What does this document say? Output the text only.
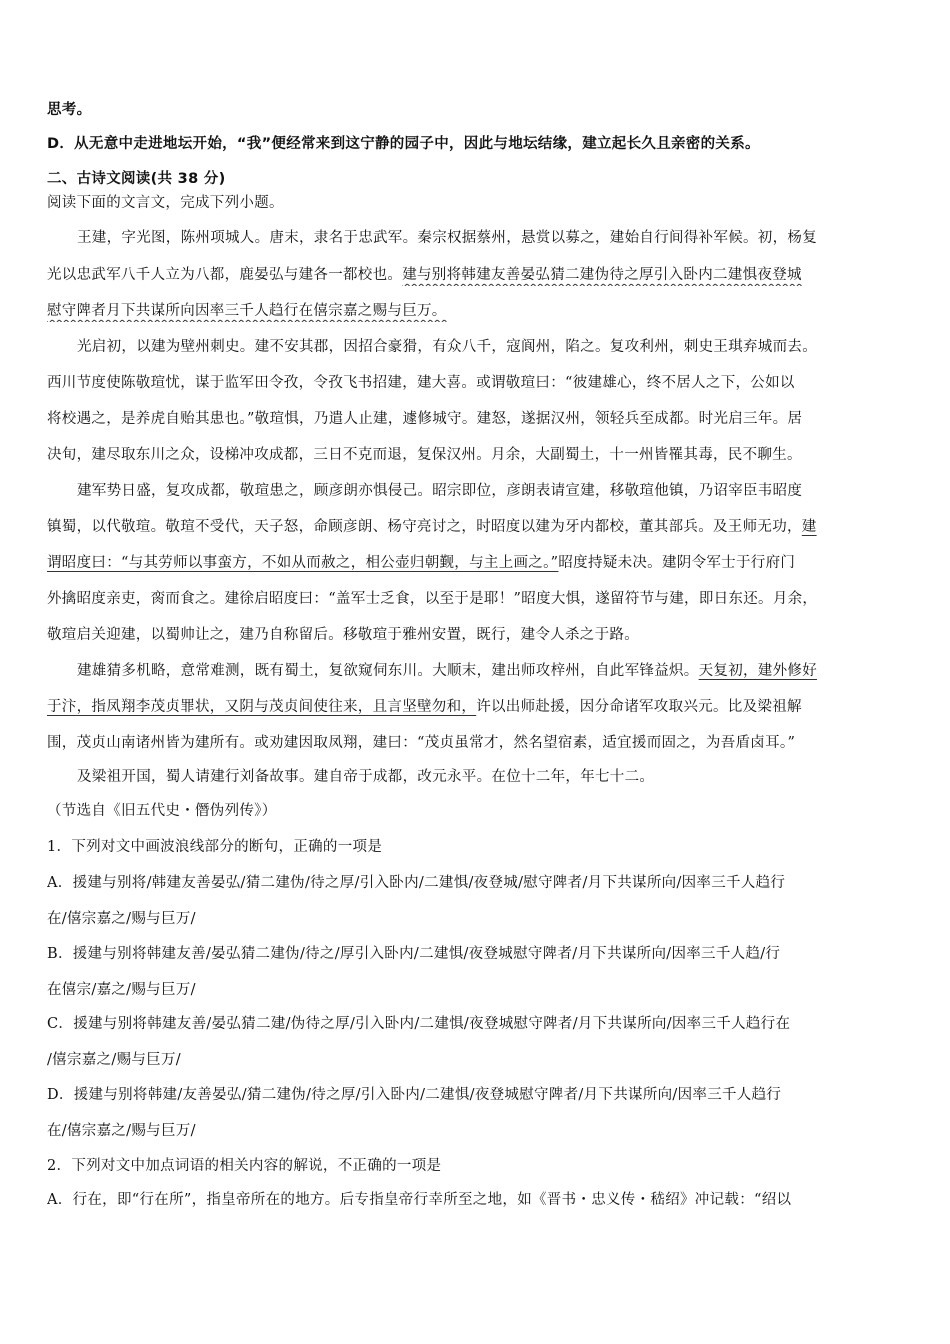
思考。
D．从无意中走进地坛开始，“我”便经常来到这宁静的园子中，因此与地坛结缘，建立起长久且亲密的关系。
二、古诗文阅读(共 38 分)
阅读下面的文言文，完成下列小题。
王建，字光图，陈州项城人。唐末，隶名于忠武军。秦宗权据蔡州，悬赏以募之，建始自行间得补军候。初，杨复
光以忠武军八千人立为八都，鹿晏弘与建各一都校也。建与别将韩建友善晏弘猜二建伪待之厚引入卧内二建惧夜登城
慰守陴者月下共谋所向因率三千人趋行在僖宗嘉之赐与巨万。
光启初，以建为壁州刺史。建不安其郡，因招合豪猾，有众八千，寇阆州，陷之。复攻利州，刺史王琪弃城而去。
西川节度使陈敬瑄忧，谋于监军田令孜，令孜飞书招建，建大喜。或谓敬瑄曰：“彼建雄心，终不居人之下，公如以
将校遇之，是养虎自贻其患也。”敬瑄惧，乃遣人止建，遽修城守。建怒，遂据汉州，领轻兵至成都。时光启三年。居
决旬，建尽取东川之众，设梯冲攻成都，三日不克而退，复保汉州。月余，大副蜀土，十一州皆罹其毒，民不聊生。
建军势日盛，复攻成都，敬瑄患之，顾彦朗亦惧侵己。昭宗即位，彦朗表请宣建，移敬瑄他镇，乃诏宰臣韦昭度
镇蜀，以代敬瑄。敬瑄不受代，天子怒，命顾彦朗、杨守亮讨之，时昭度以建为牙内都校，董其部兵。及王师无功，建
谓昭度曰：“与其劳师以事蛮方，不如从而赦之，相公壶归朝觐，与主上画之。”昭度持疑未决。建阴令军士于行府门
外擒昭度亲吏，脔而食之。建徐启昭度曰：“盖军士乏食，以至于是耶！”昭度大惧，遂留符节与建，即日东还。月余，
敬瑄启关迎建，以蜀帅让之，建乃自称留后。移敬瑄于雅州安置，既行，建令人杀之于路。
建雄猜多机略，意常难测，既有蜀土，复欲窥伺东川。大顺末，建出师攻梓州，自此军锋益炽。天复初，建外修好
于汴，指凤翔李茂贞罪状，又阴与茂贞间使往来，且言坚壁勿和，许以出师赴援，因分命诸军攻取兴元。比及梁祖解
围，茂贞山南诸州皆为建所有。或劝建因取凤翔，建曰：“茂贞虽常才，然名望宿素，适宜援而固之，为吾盾卤耳。”
及梁祖开国，蜀人请建行刘备故事。建自帝于成都，改元永平。在位十二年，年七十二。
（节选自《旧五代史・僭伪列传》）
1．下列对文中画波浪线部分的断句，正确的一项是
A．援建与别将/韩建友善晏弘/猜二建伪/待之厚/引入卧内/二建惧/夜登城/慰守陴者/月下共谋所向/因率三千人趋行
在/僖宗嘉之/赐与巨万/
B．援建与别将韩建友善/晏弘猜二建伪/待之/厚引入卧内/二建惧/夜登城慰守陴者/月下共谋所向/因率三千人趋/行
在僖宗/嘉之/赐与巨万/
C．援建与别将韩建友善/晏弘猜二建/伪待之厚/引入卧内/二建惧/夜登城慰守陴者/月下共谋所向/因率三千人趋行在
/僖宗嘉之/赐与巨万/
D．援建与别将韩建/友善晏弘/猜二建伪/待之厚/引入卧内/二建惧/夜登城慰守陴者/月下共谋所向/因率三千人趋行
在/僖宗嘉之/赐与巨万/
2．下列对文中加点词语的相关内容的解说，不正确的一项是
A．行在，即“行在所”，指皇帝所在的地方。后专指皇帝行幸所至之地，如《晋书・忠义传・嵇绍》冲记载：“绍以
